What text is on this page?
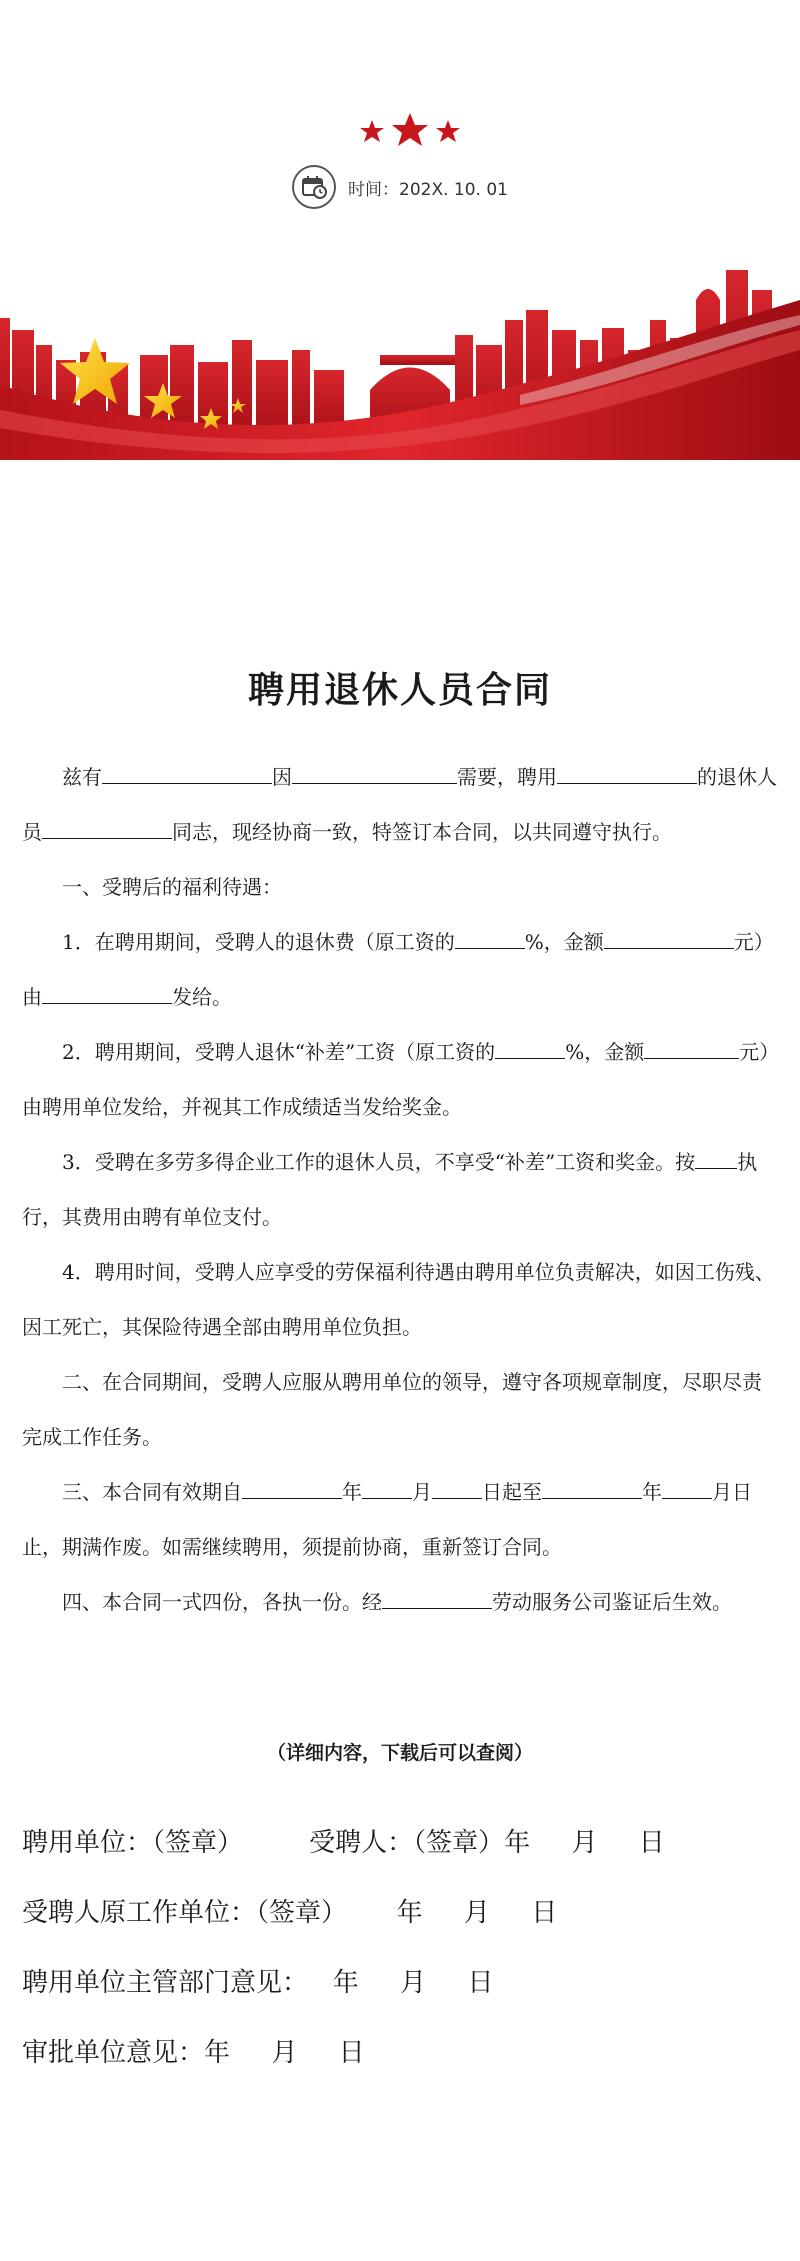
时间：202X. 10. 01
聘用退休人员合同

兹有	因	需要，聘用	的退休人员	同志，现经协商一致，特签订本合同，以共同遵守执行。

一、受聘后的福利待遇：

1．在聘用期间，受聘人的退休费（原工资的	%，金额	元）由	发给。

2．聘用期间，受聘人退休“补差”工资（原工资的	%，金额	元）由聘用单位发给，并视其工作成绩适当发给奖金。

3．受聘在多劳多得企业工作的退休人员，不享受“补差”工资和奖金。按 执行，其费用由聘有单位支付。

4．聘用时间，受聘人应享受的劳保福利待遇由聘用单位负责解决，如因工伤残、因工死亡，其保险待遇全部由聘用单位负担。

二、在合同期间，受聘人应服从聘用单位的领导，遵守各项规章制度，尽职尽责完成工作任务。

三、本合同有效期自	年	月	日起至	年	月日止，期满作废。如需继续聘用，须提前协商，重新签订合同。

四、本合同一式四份，各执一份。经	劳动服务公司鉴证后生效。

（详细内容，下载后可以查阅）
聘用单位：（签章）        受聘人：（签章）年     月     日
受聘人原工作单位：（签章）      年     月     日
聘用单位主管部门意见：   年     月     日
审批单位意见：年     月     日
